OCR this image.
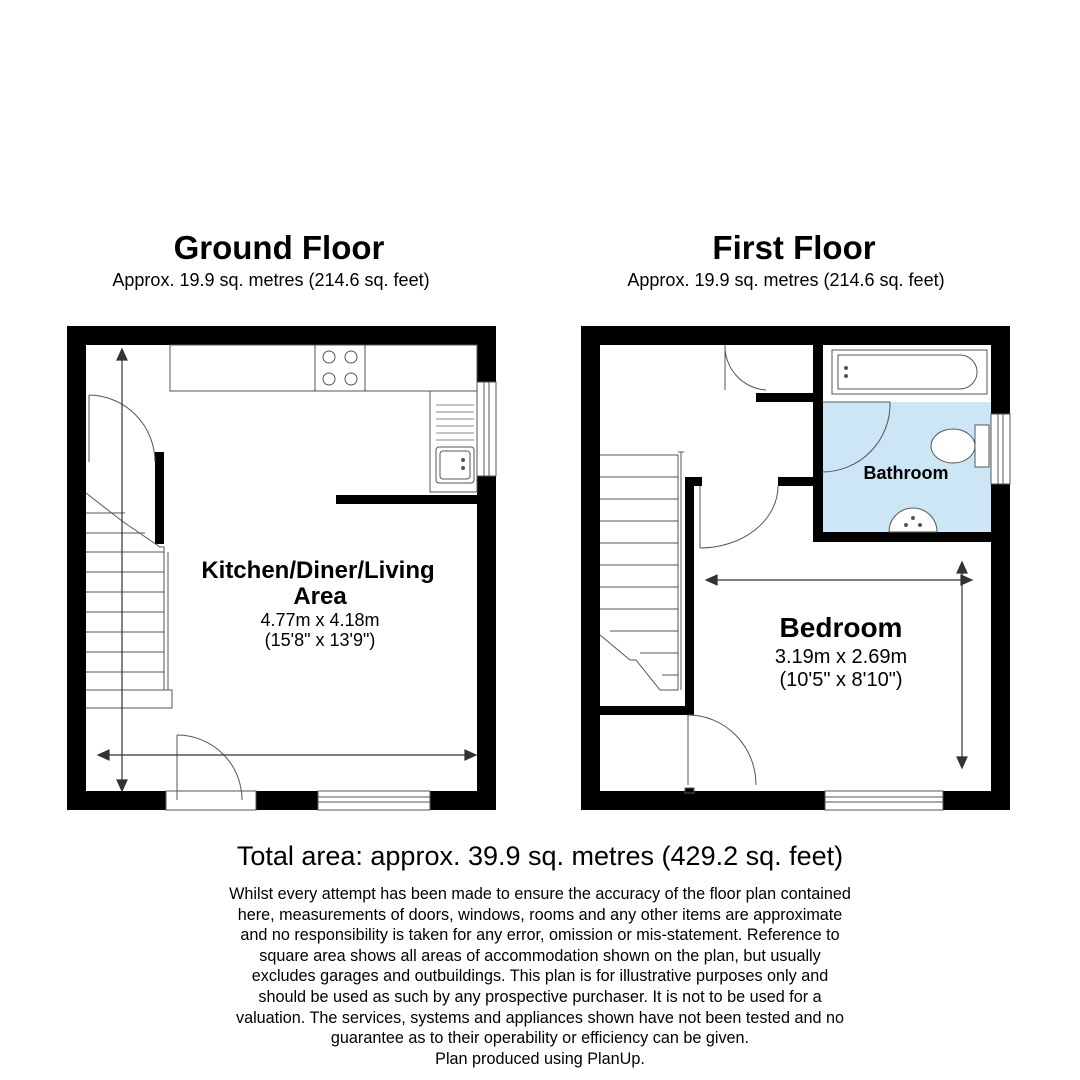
Ground Floor
Approx. 19.9 sq. metres (214.6 sq. feet)
First Floor
Approx. 19.9 sq. metres (214.6 sq. feet)
Kitchen/Diner/Living
Area
4.77m x 4.18m
(15'8" x 13'9")
Bathroom
Bedroom
3.19m x 2.69m
(10'5" x 8'10")
Total area: approx. 39.9 sq. metres (429.2 sq. feet)
Whilst every attempt has been made to ensure the accuracy of the floor plan contained
here, measurements of doors, windows, rooms and any other items are approximate
and no responsibility is taken for any error, omission or mis-statement. Reference to
square area shows all areas of accommodation shown on the plan, but usually
excludes garages and outbuildings. This plan is for illustrative purposes only and
should be used as such by any prospective purchaser. It is not to be used for a
valuation. The services, systems and appliances shown have not been tested and no
guarantee as to their operability or efficiency can be given.
Plan produced using PlanUp.
